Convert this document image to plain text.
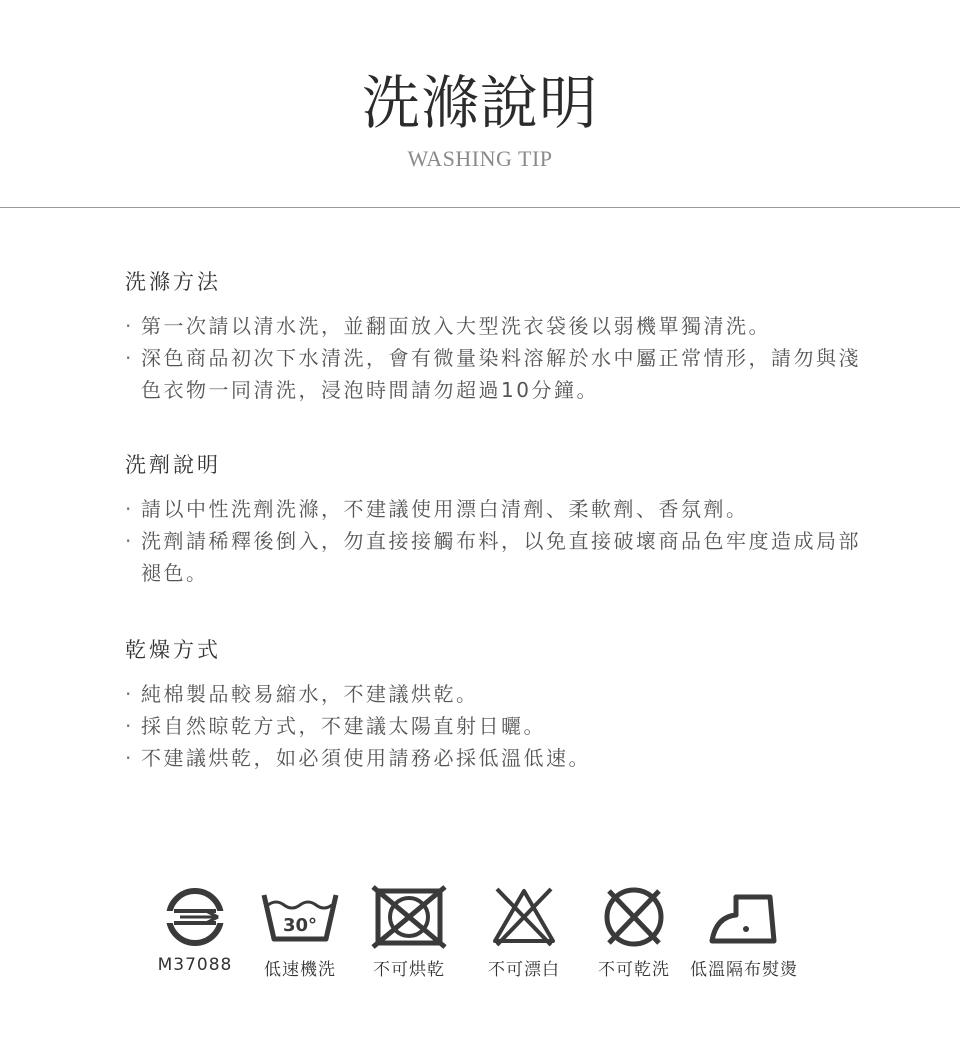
洗滌說明
WASHING TIP

洗滌方法

· 第一次請以清水洗，並翻面放入大型洗衣袋後以弱機單獨清洗。

· 深色商品初次下水清洗，會有微量染料溶解於水中屬正常情形，請勿與淺色衣物一同清洗，浸泡時間請勿超過10分鐘。

洗劑說明

· 請以中性洗劑洗滌，不建議使用漂白清劑、柔軟劑、香氛劑。

· 洗劑請稀釋後倒入，勿直接接觸布料，以免直接破壞商品色牢度造成局部褪色。

乾燥方式

· 純棉製品較易縮水，不建議烘乾。

· 採自然晾乾方式，不建議太陽直射日曬。

· 不建議烘乾，如必須使用請務必採低溫低速。

M37088
30°
低速機洗	不可烘乾	不可漂白	不可乾洗	低溫隔布熨燙
